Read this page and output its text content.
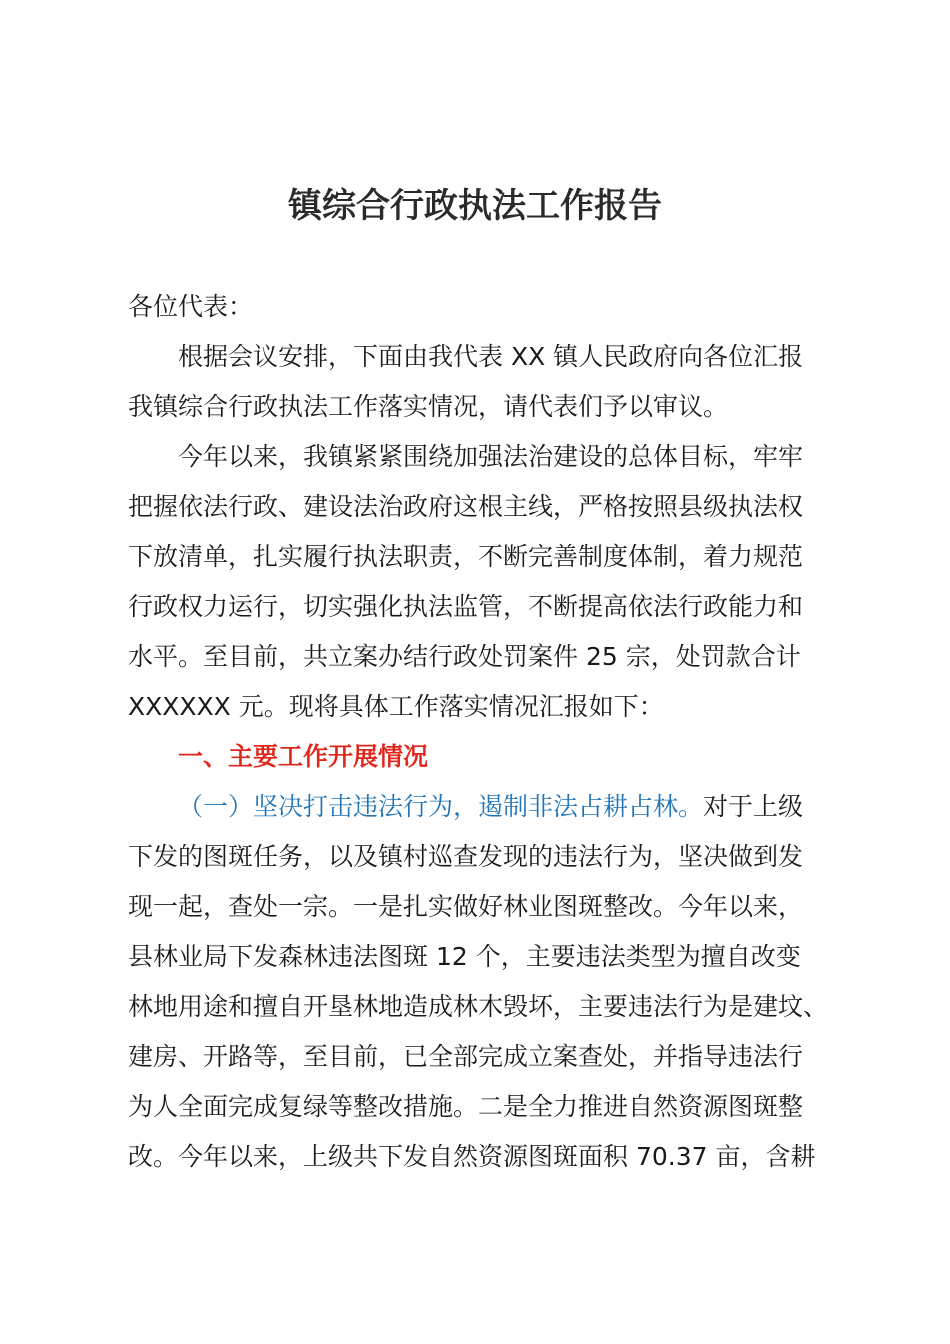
镇综合行政执法工作报告
各位代表：
根据会议安排，下面由我代表 XX 镇人民政府向各位汇报
我镇综合行政执法工作落实情况，请代表们予以审议。
今年以来，我镇紧紧围绕加强法治建设的总体目标，牢牢
把握依法行政、建设法治政府这根主线，严格按照县级执法权
下放清单，扎实履行执法职责，不断完善制度体制，着力规范
行政权力运行，切实强化执法监管，不断提高依法行政能力和
水平。至目前，共立案办结行政处罚案件 25 宗，处罚款合计
XXXXXX 元。现将具体工作落实情况汇报如下：
一、主要工作开展情况
（一）坚决打击违法行为，遏制非法占耕占林。对于上级
下发的图斑任务，以及镇村巡查发现的违法行为，坚决做到发
现一起，查处一宗。一是扎实做好林业图斑整改。今年以来，
县林业局下发森林违法图斑 12 个，主要违法类型为擅自改变
林地用途和擅自开垦林地造成林木毁坏，主要违法行为是建坟、
建房、开路等，至目前，已全部完成立案查处，并指导违法行
为人全面完成复绿等整改措施。二是全力推进自然资源图斑整
改。今年以来，上级共下发自然资源图斑面积 70.37 亩，含耕
